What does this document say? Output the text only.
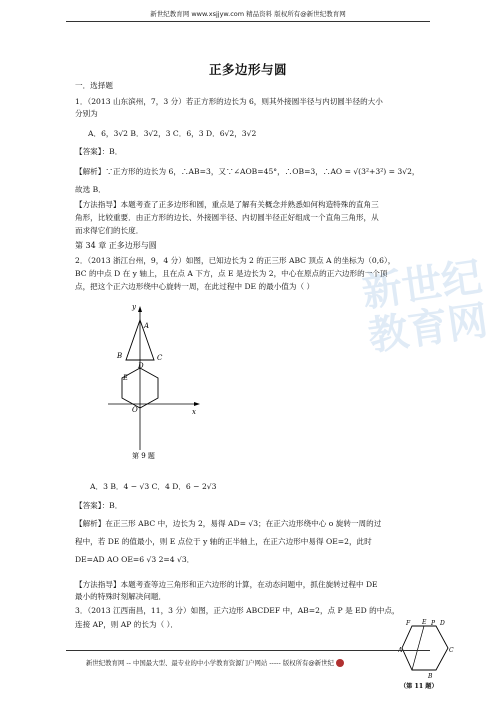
新世纪教育网 www.xsjjyw.com 精品资料 版权所有@新世纪教育网
新世纪教育网
正多边形与圆
一．选择题
1．（2013 山东滨州，7，3 分）若正方形的边长为 6，则其外接圆半径与内切圆半径的大小
分别为
A．6，3√2 B．3√2，3 C．6，3 D．6√2，3√2
【答案】：B．
【解析】∵正方形的边长为 6，∴AB=3，又∵∠AOB=45°，∴OB=3，∴AO = √(3²+3²) = 3√2，
故选 B．
【方法指导】本题考查了正多边形和圆，重点是了解有关概念并熟悉如何构造特殊的直角三
角形，比较重要．由正方形的边长、外接圆半径、内切圆半径正好组成一个直角三角形，从
而求得它们的长度．
第 34 章 正多边形与圆
2．（2013 浙江台州，9，4 分）如图，已知边长为 2 的正三形 ABC 顶点 A 的坐标为（0,6），
BC 的中点 D 在 y 轴上，且在点 A 下方，点 E 是边长为 2，中心在原点的正六边形的一个顶
点，把这个正六边形绕中心旋转一周，在此过程中 DE 的最小值为（ ）
y
x
A
B	C
D
E
O
第 9 题
A．3 B．4 − √3 C．4 D．6 − 2√3
【答案】：B．
【解析】在正三形 ABC 中，边长为 2，易得 AD= √3；在正六边形绕中心 o 旋转一周的过
程中，若 DE 的值最小，则 E 点位于 y 轴的正半轴上，在正六边形中易得 OE=2，此时
DE=AD AO OE=6 √3 2=4 √3．
【方法指导】本题考查等边三角形和正六边形的计算，在动态问题中，抓住旋转过程中 DE
最小的特殊时刻解决问题．
3．（2013 江西南昌，11，3 分）如图，正六边形 ABCDEF 中，AB=2，点 P 是 ED 的中点，
连接 AP，则 AP 的长为（ ）．	F E P D
A	C
B
（第 11 题）
新世纪教育网 -- 中国最大型、最专业的中小学教育资源门户网站 ----- 版权所有@新世纪
